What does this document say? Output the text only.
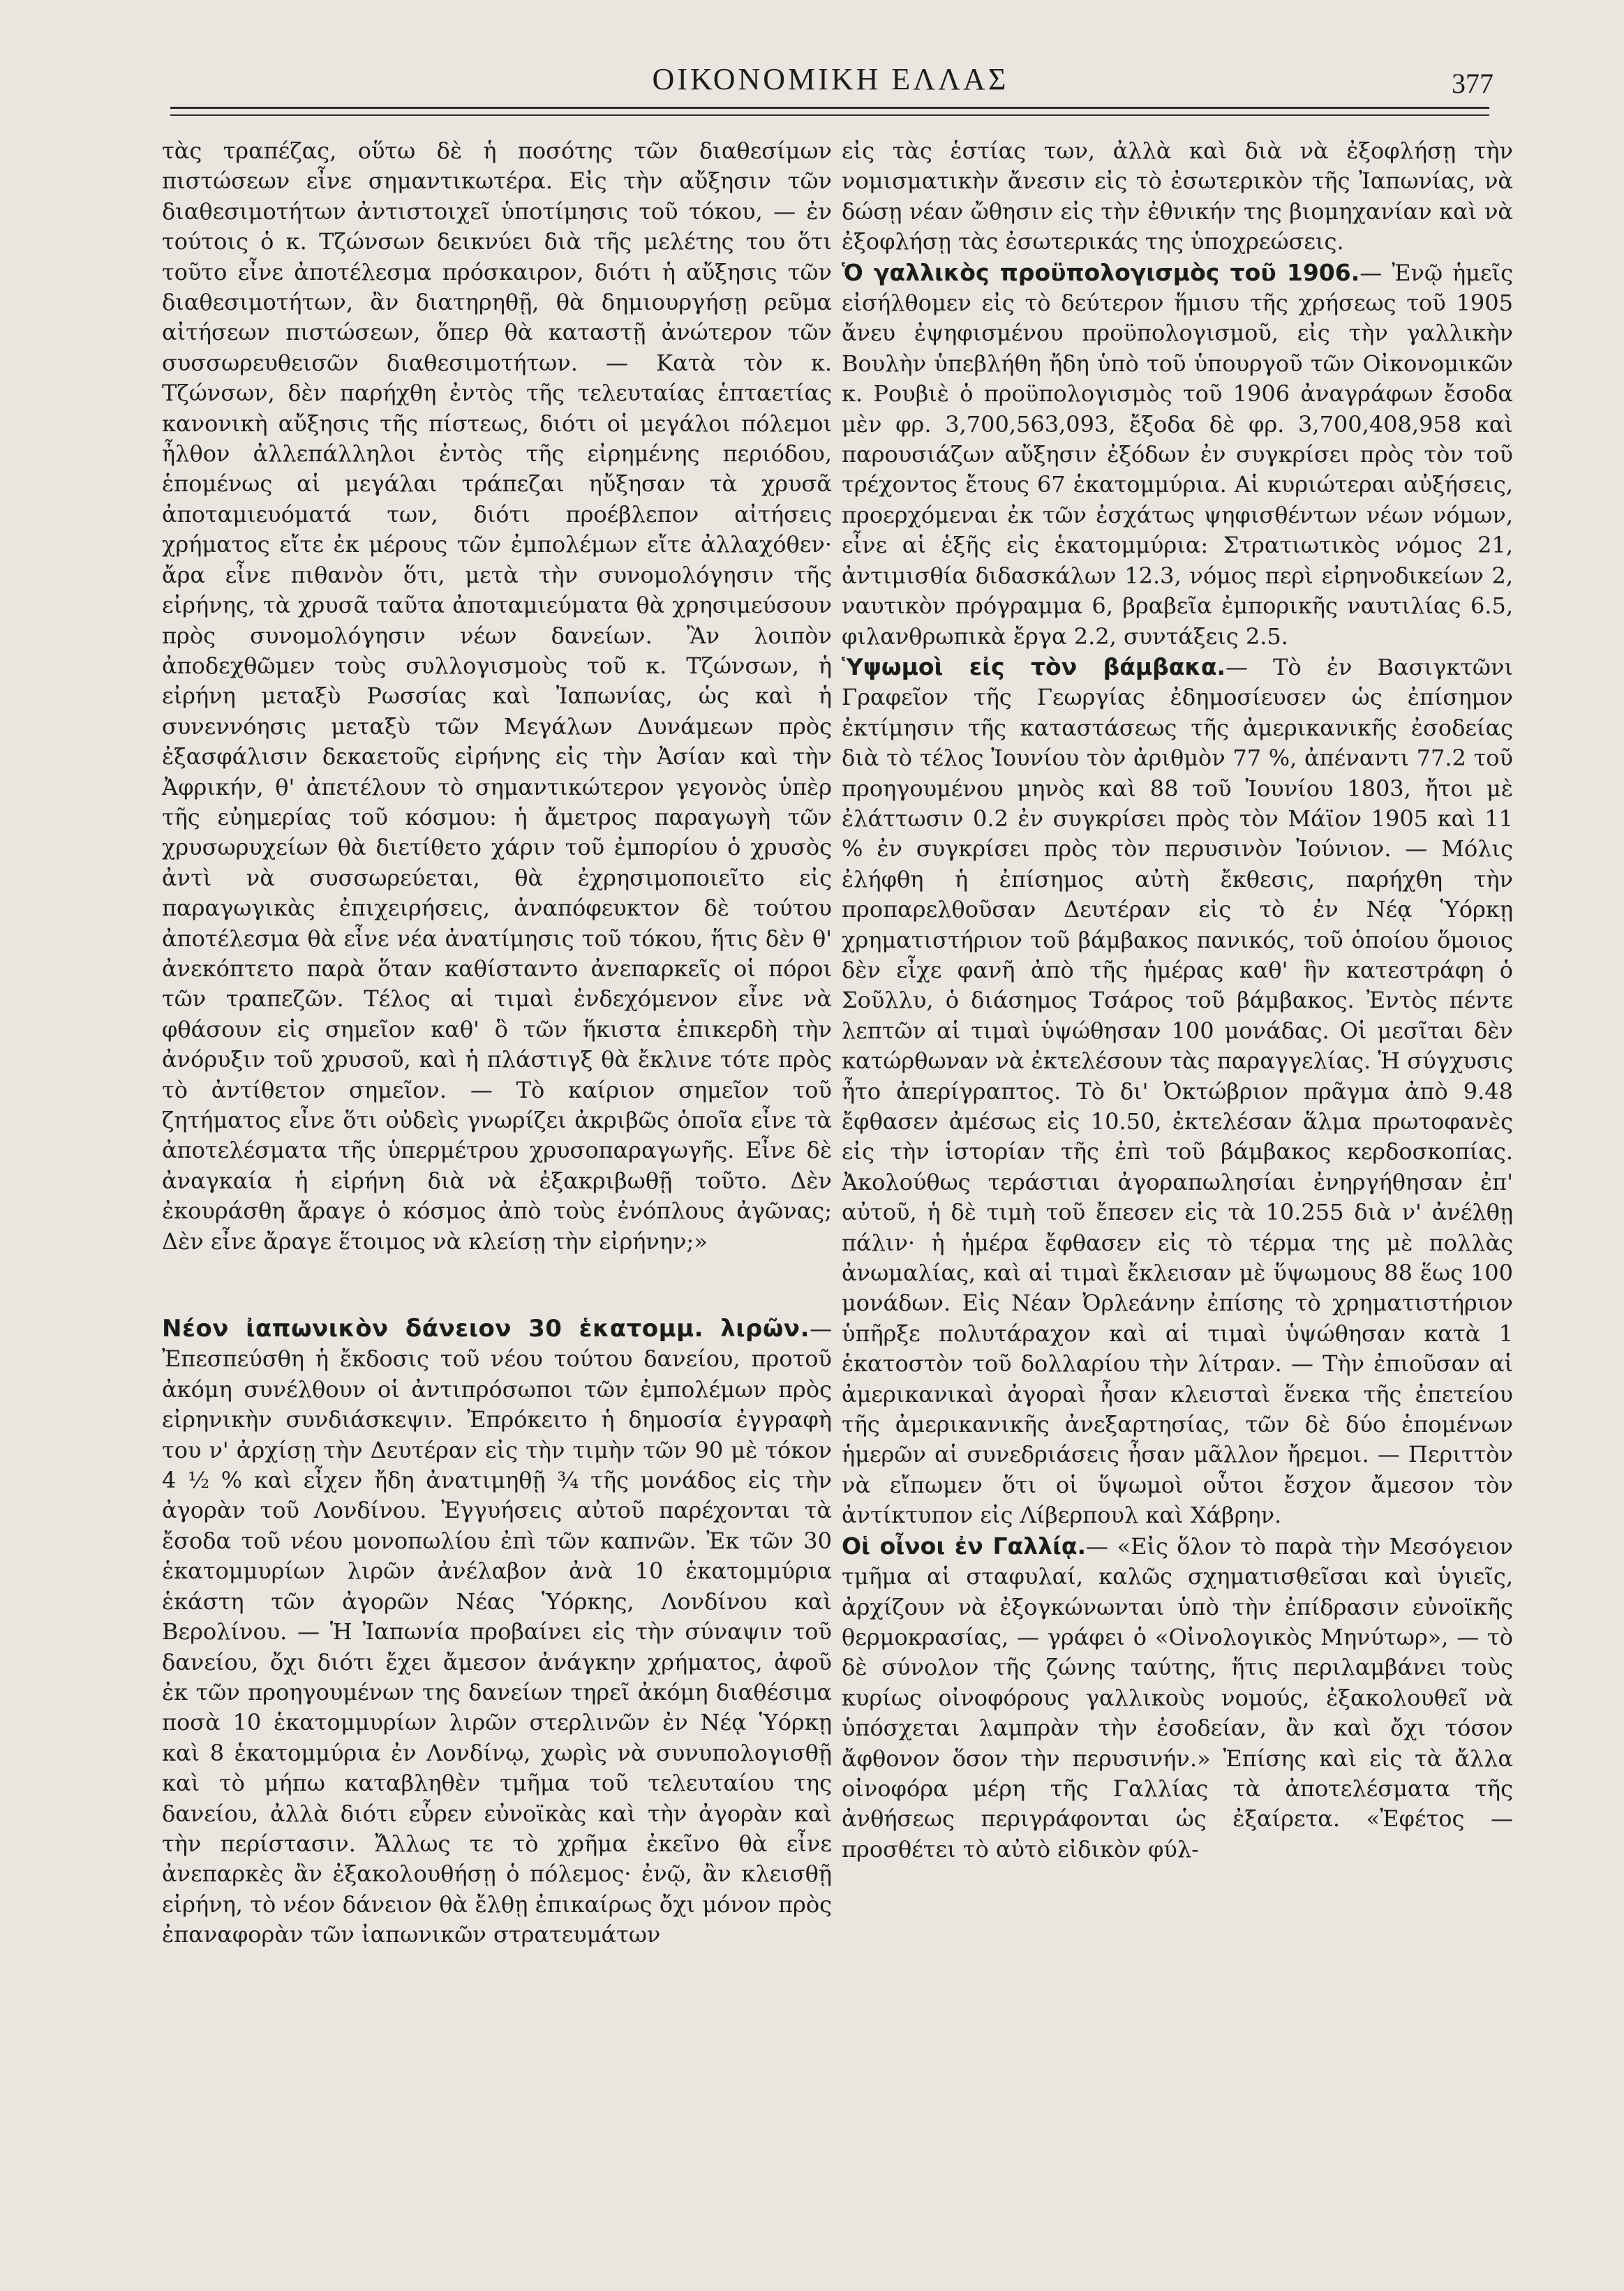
ΟΙΚΟΝΟΜΙΚΗ ΕΛΛΑΣ	377

τὰς τραπέζας, οὕτω δὲ ἡ ποσότης τῶν διαθεσίμων πιστώσεων εἶνε σημαντικωτέρα. Εἰς τὴν αὔξησιν τῶν διαθεσιμοτήτων ἀντιστοιχεῖ ὑποτίμησις τοῦ τόκου, — ἐν τούτοις ὁ κ. Τζώνσων δεικνύει διὰ τῆς μελέτης του ὅτι τοῦτο εἶνε ἀποτέλεσμα πρόσκαιρον, διότι ἡ αὔξησις τῶν διαθεσιμοτήτων, ἂν διατηρηθῇ, θὰ δημιουργήσῃ ρεῦμα αἰτήσεων πιστώσεων, ὅπερ θὰ καταστῇ ἀνώτερον τῶν συσσωρευθεισῶν διαθεσιμοτήτων. — Κατὰ τὸν κ. Τζώνσων, δὲν παρήχθη ἐντὸς τῆς τελευταίας ἑπταετίας κανονικὴ αὔξησις τῆς πίστεως, διότι οἱ μεγάλοι πόλεμοι ἦλθον ἀλλεπάλληλοι ἐντὸς τῆς εἰρημένης περιόδου, ἑπομένως αἱ μεγάλαι τράπεζαι ηὔξησαν τὰ χρυσᾶ ἀποταμιευόματά των, διότι προέβλεπον αἰτήσεις χρήματος εἴτε ἐκ μέρους τῶν ἐμπολέμων εἴτε ἀλλαχόθεν· ἄρα εἶνε πιθανὸν ὅτι, μετὰ τὴν συνομολόγησιν τῆς εἰρήνης, τὰ χρυσᾶ ταῦτα ἀποταμιεύματα θὰ χρησιμεύσουν πρὸς συνομολόγησιν νέων δανείων. Ἂν λοιπὸν ἀποδεχθῶμεν τοὺς συλλογισμοὺς τοῦ κ. Τζώνσων, ἡ εἰρήνη μεταξὺ Ρωσσίας καὶ Ἰαπωνίας, ὡς καὶ ἡ συνεννόησις μεταξὺ τῶν Μεγάλων Δυνάμεων πρὸς ἐξασφάλισιν δεκαετοῦς εἰρήνης εἰς τὴν Ἀσίαν καὶ τὴν Ἀφρικήν, θ' ἀπετέλουν τὸ σημαντικώτερον γεγονὸς ὑπὲρ τῆς εὐημερίας τοῦ κόσμου: ἡ ἄμετρος παραγωγὴ τῶν χρυσωρυχείων θὰ διετίθετο χάριν τοῦ ἐμπορίου ὁ χρυσὸς ἀντὶ νὰ συσσωρεύεται, θὰ ἐχρησιμοποιεῖτο εἰς παραγωγικὰς ἐπιχειρήσεις, ἀναπόφευκτον δὲ τούτου ἀποτέλεσμα θὰ εἶνε νέα ἀνατίμησις τοῦ τόκου, ἥτις δὲν θ' ἀνεκόπτετο παρὰ ὅταν καθίσταντο ἀνεπαρκεῖς οἱ πόροι τῶν τραπεζῶν. Τέλος αἱ τιμαὶ ἐνδεχόμενον εἶνε νὰ φθάσουν εἰς σημεῖον καθ' ὃ τῶν ἥκιστα ἐπικερδὴ τὴν ἀνόρυξιν τοῦ χρυσοῦ, καὶ ἡ πλάστιγξ θὰ ἔκλινε τότε πρὸς τὸ ἀντίθετον σημεῖον. — Τὸ καίριον σημεῖον τοῦ ζητήματος εἶνε ὅτι οὐδεὶς γνωρίζει ἀκριβῶς ὁποῖα εἶνε τὰ ἀποτελέσματα τῆς ὑπερμέτρου χρυσοπαραγωγῆς. Εἶνε δὲ ἀναγκαία ἡ εἰρήνη διὰ νὰ ἐξακριβωθῇ τοῦτο. Δὲν ἐκουράσθη ἄραγε ὁ κόσμος ἀπὸ τοὺς ἐνόπλους ἀγῶνας; Δὲν εἶνε ἄραγε ἕτοιμος νὰ κλείσῃ τὴν εἰρήνην;»

Νέον ἰαπωνικὸν δάνειον 30 ἑκατομμ. λιρῶν.— Ἐπεσπεύσθη ἡ ἔκδοσις τοῦ νέου τούτου δανείου, προτοῦ ἀκόμη συνέλθουν οἱ ἀντιπρόσωποι τῶν ἐμπολέμων πρὸς εἰρηνικὴν συνδιάσκεψιν. Ἐπρόκειτο ἡ δημοσία ἐγγραφὴ του ν' ἀρχίσῃ τὴν Δευτέραν εἰς τὴν τιμὴν τῶν 90 μὲ τόκον 4 ½ % καὶ εἶχεν ἤδη ἀνατιμηθῇ ¾ τῆς μονάδος εἰς τὴν ἀγορὰν τοῦ Λονδίνου. Ἐγγυήσεις αὐτοῦ παρέχονται τὰ ἔσοδα τοῦ νέου μονοπωλίου ἐπὶ τῶν καπνῶν. Ἐκ τῶν 30 ἑκατομμυρίων λιρῶν ἀνέλαβον ἀνὰ 10 ἑκατομμύρια ἑκάστη τῶν ἀγορῶν Νέας Ὑόρκης, Λονδίνου καὶ Βερολίνου. — Ἡ Ἰαπωνία προβαίνει εἰς τὴν σύναψιν τοῦ δανείου, ὄχι διότι ἔχει ἄμεσον ἀνάγκην χρήματος, ἀφοῦ ἐκ τῶν προηγουμένων της δανείων τηρεῖ ἀκόμη διαθέσιμα ποσὰ 10 ἑκατομμυρίων λιρῶν στερλινῶν ἐν Νέᾳ Ὑόρκῃ καὶ 8 ἑκατομμύρια ἐν Λονδίνῳ, χωρὶς νὰ συνυπολογισθῇ καὶ τὸ μήπω καταβληθὲν τμῆμα τοῦ τελευταίου της δανείου, ἀλλὰ διότι εὗρεν εὐνοϊκὰς καὶ τὴν ἀγορὰν καὶ τὴν περίστασιν. Ἄλλως τε τὸ χρῆμα ἐκεῖνο θὰ εἶνε ἀνεπαρκὲς ἂν ἐξακολουθήσῃ ὁ πόλεμος· ἐνῷ, ἂν κλεισθῇ εἰρήνη, τὸ νέον δάνειον θὰ ἔλθῃ ἐπικαίρως ὄχι μόνον πρὸς ἐπαναφορὰν τῶν ἰαπωνικῶν στρατευμάτων

εἰς τὰς ἑστίας των, ἀλλὰ καὶ διὰ νὰ ἐξοφλήσῃ τὴν νομισματικὴν ἄνεσιν εἰς τὸ ἐσωτερικὸν τῆς Ἰαπωνίας, νὰ δώσῃ νέαν ὤθησιν εἰς τὴν ἐθνικήν της βιομηχανίαν καὶ νὰ ἐξοφλήσῃ τὰς ἐσωτερικάς της ὑποχρεώσεις.

Ὁ γαλλικὸς προϋπολογισμὸς τοῦ 1906.— Ἐνῷ ἡμεῖς εἰσήλθομεν εἰς τὸ δεύτερον ἥμισυ τῆς χρήσεως τοῦ 1905 ἄνευ ἐψηφισμένου προϋπολογισμοῦ, εἰς τὴν γαλλικὴν Βουλὴν ὑπεβλήθη ἤδη ὑπὸ τοῦ ὑπουργοῦ τῶν Οἰκονομικῶν κ. Ρουβιὲ ὁ προϋπολογισμὸς τοῦ 1906 ἀναγράφων ἔσοδα μὲν φρ. 3,700,563,093, ἔξοδα δὲ φρ. 3,700,408,958 καὶ παρουσιάζων αὔξησιν ἐξόδων ἐν συγκρίσει πρὸς τὸν τοῦ τρέχοντος ἔτους 67 ἑκατομμύρια. Αἱ κυριώτεραι αὐξήσεις, προερχόμεναι ἐκ τῶν ἐσχάτως ψηφισθέντων νέων νόμων, εἶνε αἱ ἑξῆς εἰς ἑκατομμύρια: Στρατιωτικὸς νόμος 21, ἀντιμισθία διδασκάλων 12.3, νόμος περὶ εἰρηνοδικείων 2, ναυτικὸν πρόγραμμα 6, βραβεῖα ἐμπορικῆς ναυτιλίας 6.5, φιλανθρωπικὰ ἔργα 2.2, συντάξεις 2.5.

Ὑψωμοὶ εἰς τὸν βάμβακα.— Τὸ ἐν Βασιγκτῶνι Γραφεῖον τῆς Γεωργίας ἐδημοσίευσεν ὡς ἐπίσημον ἐκτίμησιν τῆς καταστάσεως τῆς ἀμερικανικῆς ἐσοδείας διὰ τὸ τέλος Ἰουνίου τὸν ἀριθμὸν 77 %, ἀπέναντι 77.2 τοῦ προηγουμένου μηνὸς καὶ 88 τοῦ Ἰουνίου 1803, ἤτοι μὲ ἐλάττωσιν 0.2 ἐν συγκρίσει πρὸς τὸν Μάϊον 1905 καὶ 11 % ἐν συγκρίσει πρὸς τὸν περυσινὸν Ἰούνιον. — Μόλις ἐλήφθη ἡ ἐπίσημος αὐτὴ ἔκθεσις, παρήχθη τὴν προπαρελθοῦσαν Δευτέραν εἰς τὸ ἐν Νέᾳ Ὑόρκῃ χρηματιστήριον τοῦ βάμβακος πανικός, τοῦ ὁποίου ὅμοιος δὲν εἶχε φανῆ ἀπὸ τῆς ἡμέρας καθ' ἣν κατεστράφη ὁ Σοῦλλυ, ὁ διάσημος Τσάρος τοῦ βάμβακος. Ἐντὸς πέντε λεπτῶν αἱ τιμαὶ ὑψώθησαν 100 μονάδας. Οἱ μεσῖται δὲν κατώρθωναν νὰ ἐκτελέσουν τὰς παραγγελίας. Ἡ σύγχυσις ἦτο ἀπερίγραπτος. Τὸ δι' Ὀκτώβριον πρᾶγμα ἀπὸ 9.48 ἔφθασεν ἀμέσως εἰς 10.50, ἐκτελέσαν ἅλμα πρωτοφανὲς εἰς τὴν ἱστορίαν τῆς ἐπὶ τοῦ βάμβακος κερδοσκοπίας. Ἀκολούθως τεράστιαι ἀγοραπωλησίαι ἐνηργήθησαν ἐπ' αὐτοῦ, ἡ δὲ τιμὴ τοῦ ἔπεσεν εἰς τὰ 10.255 διὰ ν' ἀνέλθῃ πάλιν· ἡ ἡμέρα ἔφθασεν εἰς τὸ τέρμα της μὲ πολλὰς ἀνωμαλίας, καὶ αἱ τιμαὶ ἔκλεισαν μὲ ὕψωμους 88 ἕως 100 μονάδων. Εἰς Νέαν Ὀρλεάνην ἐπίσης τὸ χρηματιστήριον ὑπῆρξε πολυτάραχον καὶ αἱ τιμαὶ ὑψώθησαν κατὰ 1 ἑκατοστὸν τοῦ δολλαρίου τὴν λίτραν. — Τὴν ἐπιοῦσαν αἱ ἀμερικανικαὶ ἀγοραὶ ἦσαν κλεισταὶ ἕνεκα τῆς ἐπετείου τῆς ἀμερικανικῆς ἀνεξαρτησίας, τῶν δὲ δύο ἑπομένων ἡμερῶν αἱ συνεδριάσεις ἦσαν μᾶλλον ἤρεμοι. — Περιττὸν νὰ εἴπωμεν ὅτι οἱ ὕψωμοὶ οὗτοι ἔσχον ἄμεσον τὸν ἀντίκτυπον εἰς Λίβερπουλ καὶ Χάβρην.

Οἱ οἶνοι ἐν Γαλλίᾳ.— «Εἰς ὅλον τὸ παρὰ τὴν Μεσόγειον τμῆμα αἱ σταφυλαί, καλῶς σχηματισθεῖσαι καὶ ὑγιεῖς, ἀρχίζουν νὰ ἐξογκώνωνται ὑπὸ τὴν ἐπίδρασιν εὐνοϊκῆς θερμοκρασίας, — γράφει ὁ «Οἰνολογικὸς Μηνύτωρ», — τὸ δὲ σύνολον τῆς ζώνης ταύτης, ἥτις περιλαμβάνει τοὺς κυρίως οἰνοφόρους γαλλικοὺς νομούς, ἐξακολουθεῖ νὰ ὑπόσχεται λαμπρὰν τὴν ἐσοδείαν, ἂν καὶ ὄχι τόσον ἄφθονον ὅσον τὴν περυσινήν.» Ἐπίσης καὶ εἰς τὰ ἄλλα οἰνοφόρα μέρη τῆς Γαλλίας τὰ ἀποτελέσματα τῆς ἀνθήσεως περιγράφονται ὡς ἐξαίρετα. «Ἐφέτος — προσθέτει τὸ αὐτὸ εἰδικὸν φύλ-
